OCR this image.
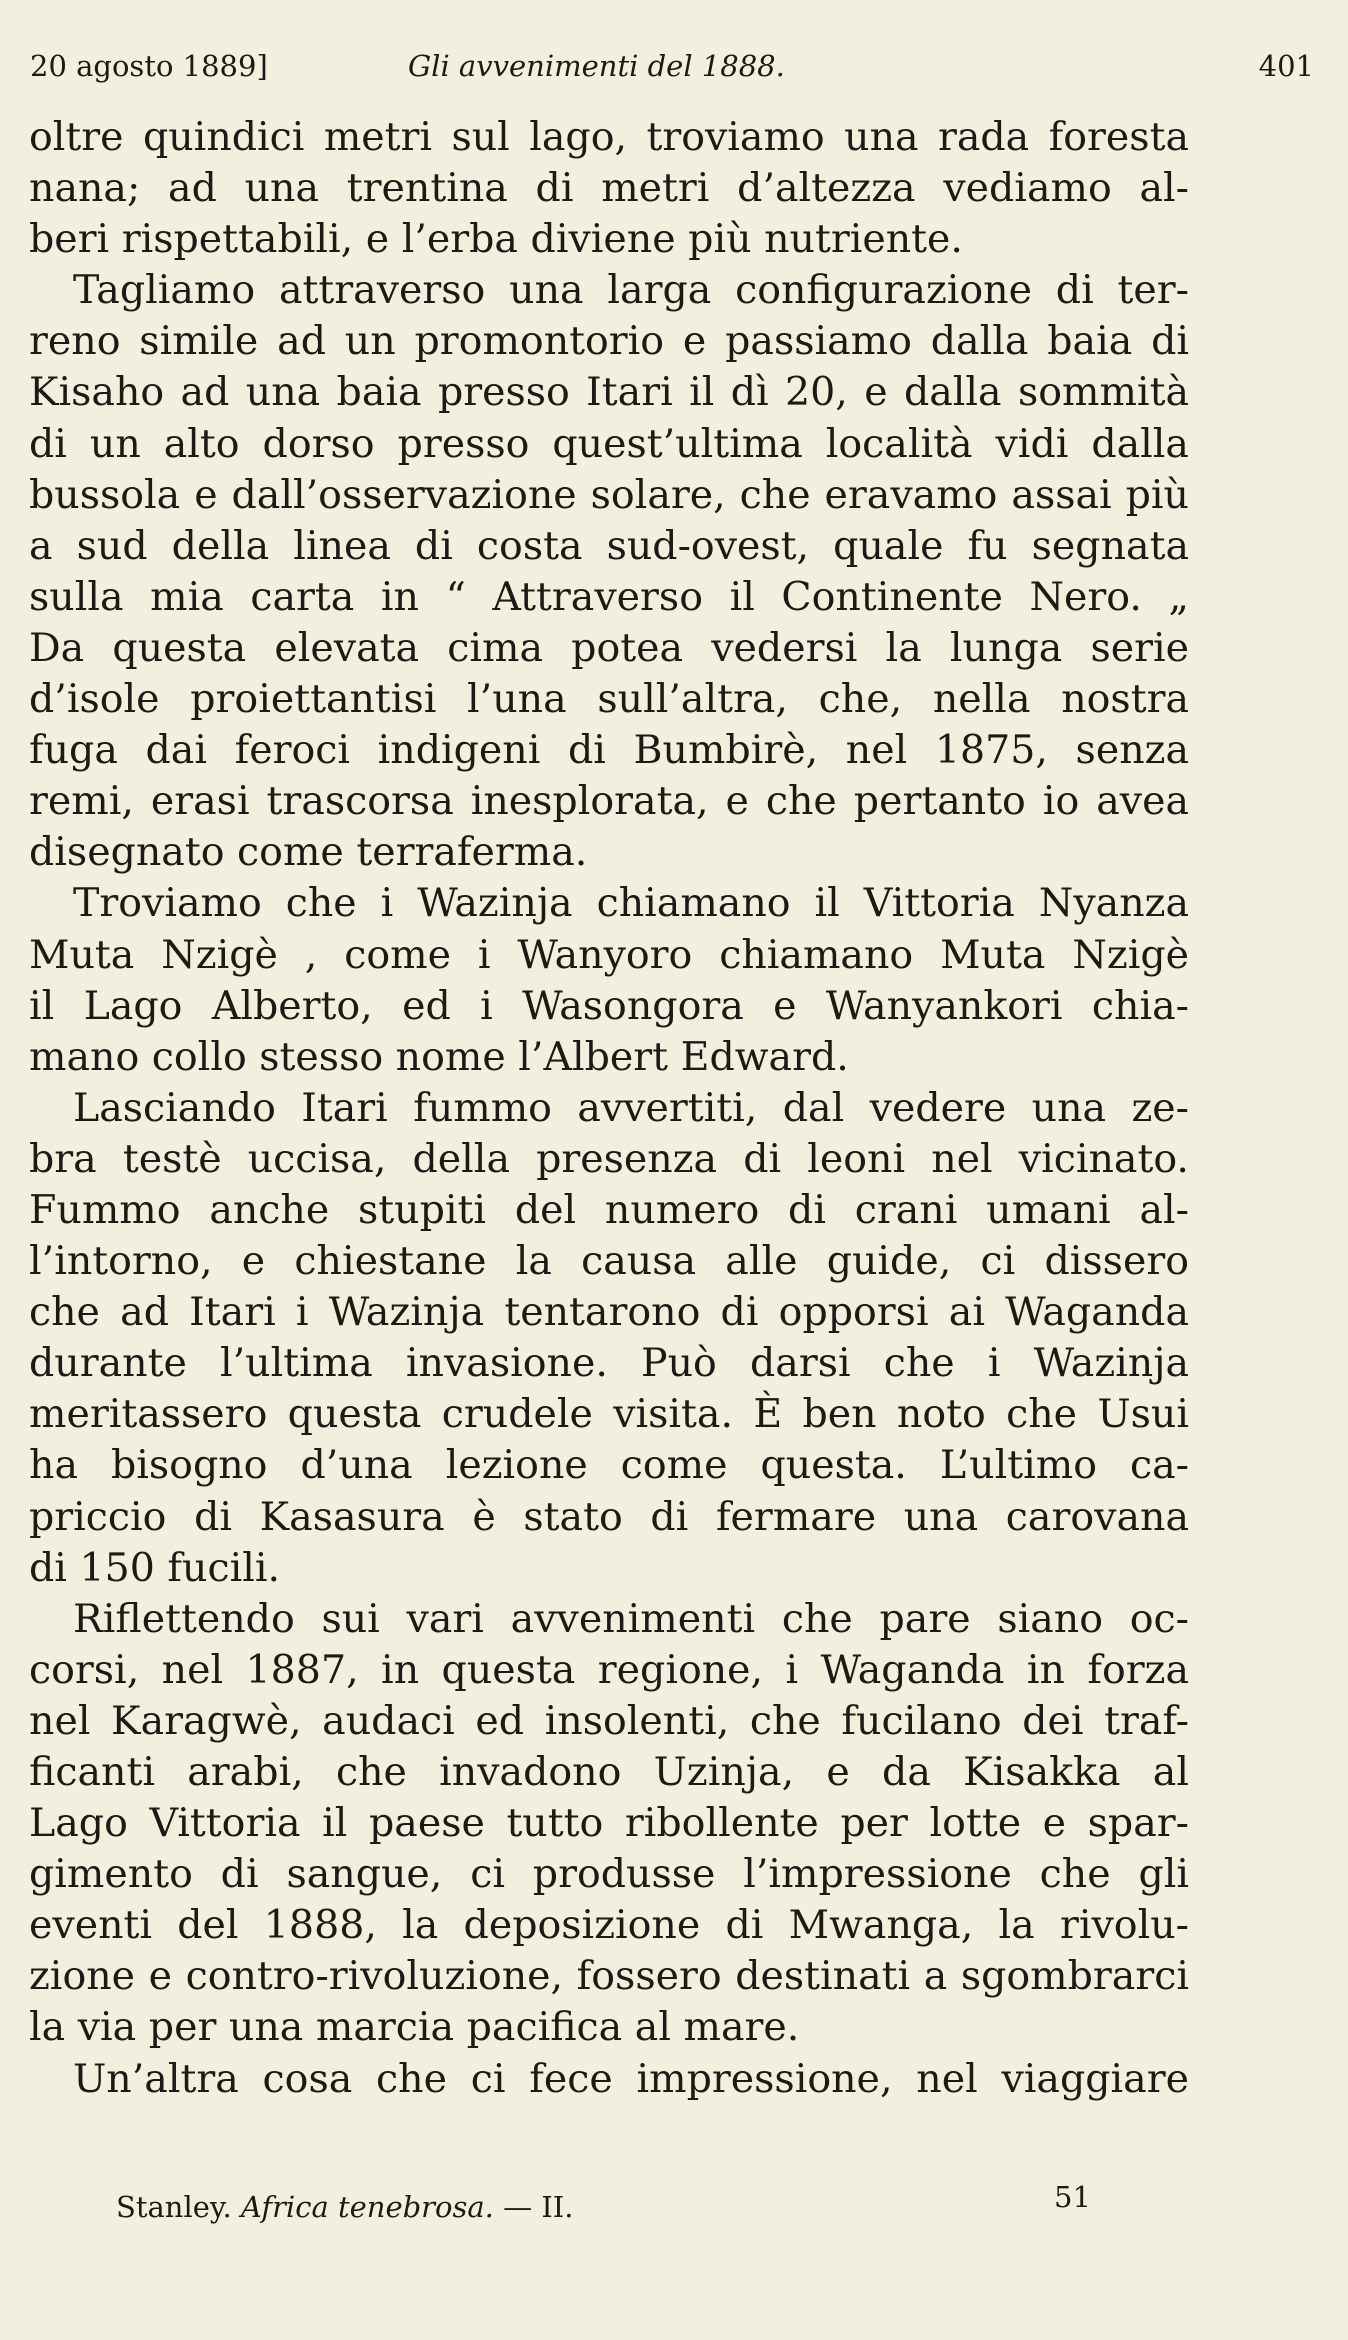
20 agosto 1889]	Gli avvenimenti del 1888.	401
oltre quindici metri sul lago, troviamo una rada foresta
nana; ad una trentina di metri d’altezza vediamo al-
beri rispettabili, e l’erba diviene più nutriente.
Tagliamo attraverso una larga configurazione di ter-
reno simile ad un promontorio e passiamo dalla baia di
Kisaho ad una baia presso Itari il dì 20, e dalla sommità
di un alto dorso presso quest’ultima località vidi dalla
bussola e dall’osservazione solare, che eravamo assai più
a sud della linea di costa sud-ovest, quale fu segnata
sulla mia carta in “ Attraverso il Continente Nero. „
Da questa elevata cima potea vedersi la lunga serie
d’isole proiettantisi l’una sull’altra, che, nella nostra
fuga dai feroci indigeni di Bumbirè, nel 1875, senza
remi, erasi trascorsa inesplorata, e che pertanto io avea
disegnato come terraferma.
Troviamo che i Wazinja chiamano il Vittoria Nyanza
Muta Nzigè , come i Wanyoro chiamano Muta Nzigè
il Lago Alberto, ed i Wasongora e Wanyankori chia-
mano collo stesso nome l’Albert Edward.
Lasciando Itari fummo avvertiti, dal vedere una ze-
bra testè uccisa, della presenza di leoni nel vicinato.
Fummo anche stupiti del numero di crani umani al-
l’intorno, e chiestane la causa alle guide, ci dissero
che ad Itari i Wazinja tentarono di opporsi ai Waganda
durante l’ultima invasione. Può darsi che i Wazinja
meritassero questa crudele visita. È ben noto che Usui
ha bisogno d’una lezione come questa. L’ultimo ca-
priccio di Kasasura è stato di fermare una carovana
di 150 fucili.
Riflettendo sui vari avvenimenti che pare siano oc-
corsi, nel 1887, in questa regione, i Waganda in forza
nel Karagwè, audaci ed insolenti, che fucilano dei traf-
ficanti arabi, che invadono Uzinja, e da Kisakka al
Lago Vittoria il paese tutto ribollente per lotte e spar-
gimento di sangue, ci produsse l’impressione che gli
eventi del 1888, la deposizione di Mwanga, la rivolu-
zione e contro-rivoluzione, fossero destinati a sgombrarci
la via per una marcia pacifica al mare.
Un’altra cosa che ci fece impressione, nel viaggiare
Stanley. Africa tenebrosa. — II.	51
